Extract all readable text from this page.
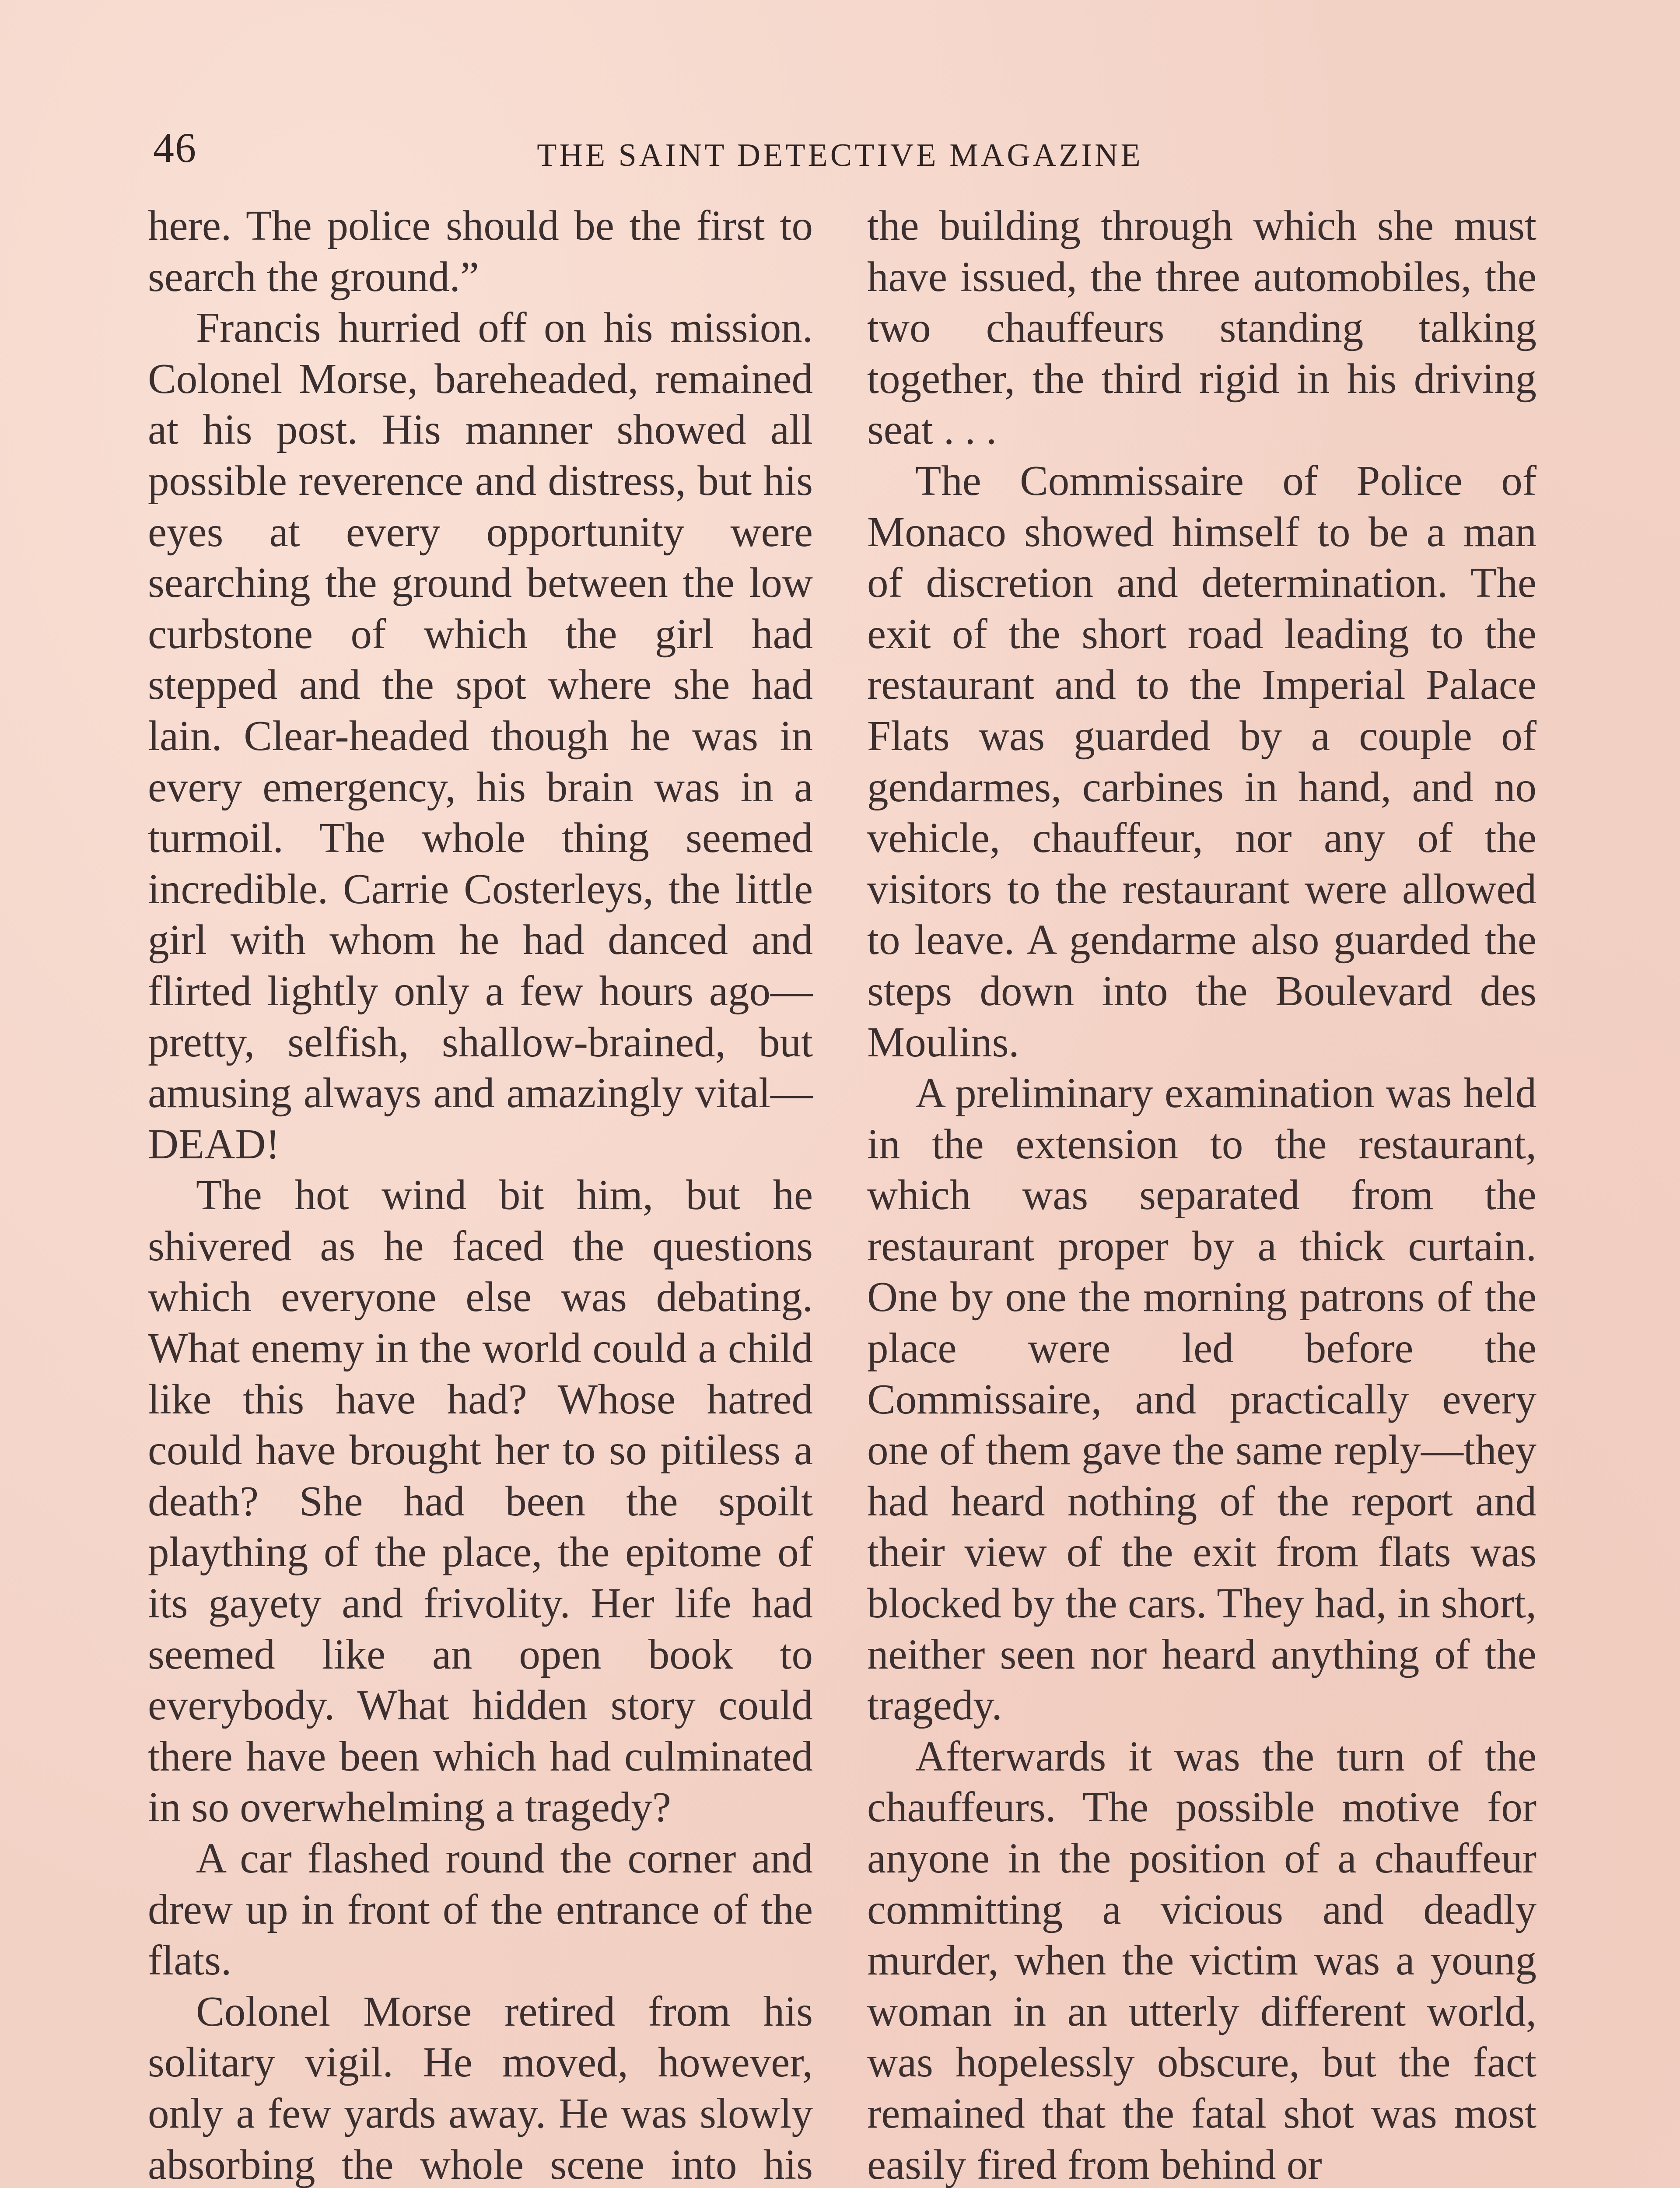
46	THE SAINT DETECTIVE MAGAZINE

here. The police should be the first to search the ground.”

Francis hurried off on his mission. Colonel Morse, bareheaded, remained at his post. His manner showed all possible reverence and distress, but his eyes at every opportunity were searching the ground between the low curbstone of which the girl had stepped and the spot where she had lain. Clear-headed though he was in every emergency, his brain was in a turmoil. The whole thing seemed incredible. Carrie Costerleys, the little girl with whom he had danced and flirted lightly only a few hours ago—pretty, selfish, shallow-brained, but amusing always and amazingly vital—DEAD!

The hot wind bit him, but he shivered as he faced the questions which everyone else was debating. What enemy in the world could a child like this have had? Whose hatred could have brought her to so pitiless a death? She had been the spoilt plaything of the place, the epitome of its gayety and frivolity. Her life had seemed like an open book to everybody. What hidden story could there have been which had culminated in so overwhelming a tragedy?

A car flashed round the corner and drew up in front of the entrance of the flats.

Colonel Morse retired from his solitary vigil. He moved, however, only a few yards away. He was slowly absorbing the whole scene into his

the building through which she must have issued, the three automobiles, the two chauffeurs standing talking together, the third rigid in his driving seat . . .

The Commissaire of Police of Monaco showed himself to be a man of discretion and determination. The exit of the short road leading to the restaurant and to the Imperial Palace Flats was guarded by a couple of gendarmes, carbines in hand, and no vehicle, chauffeur, nor any of the visitors to the restaurant were allowed to leave. A gendarme also guarded the steps down into the Boulevard des Moulins.

A preliminary examination was held in the extension to the restaurant, which was separated from the restaurant proper by a thick curtain. One by one the morning patrons of the place were led before the Commissaire, and practically every one of them gave the same reply—they had heard nothing of the report and their view of the exit from flats was blocked by the cars. They had, in short, neither seen nor heard anything of the tragedy.

Afterwards it was the turn of the chauffeurs. The possible motive for anyone in the position of a chauffeur committing a vicious and deadly murder, when the victim was a young woman in an utterly different world, was hopelessly obscure, but the fact remained that the fatal shot was most easily fired from behind or
